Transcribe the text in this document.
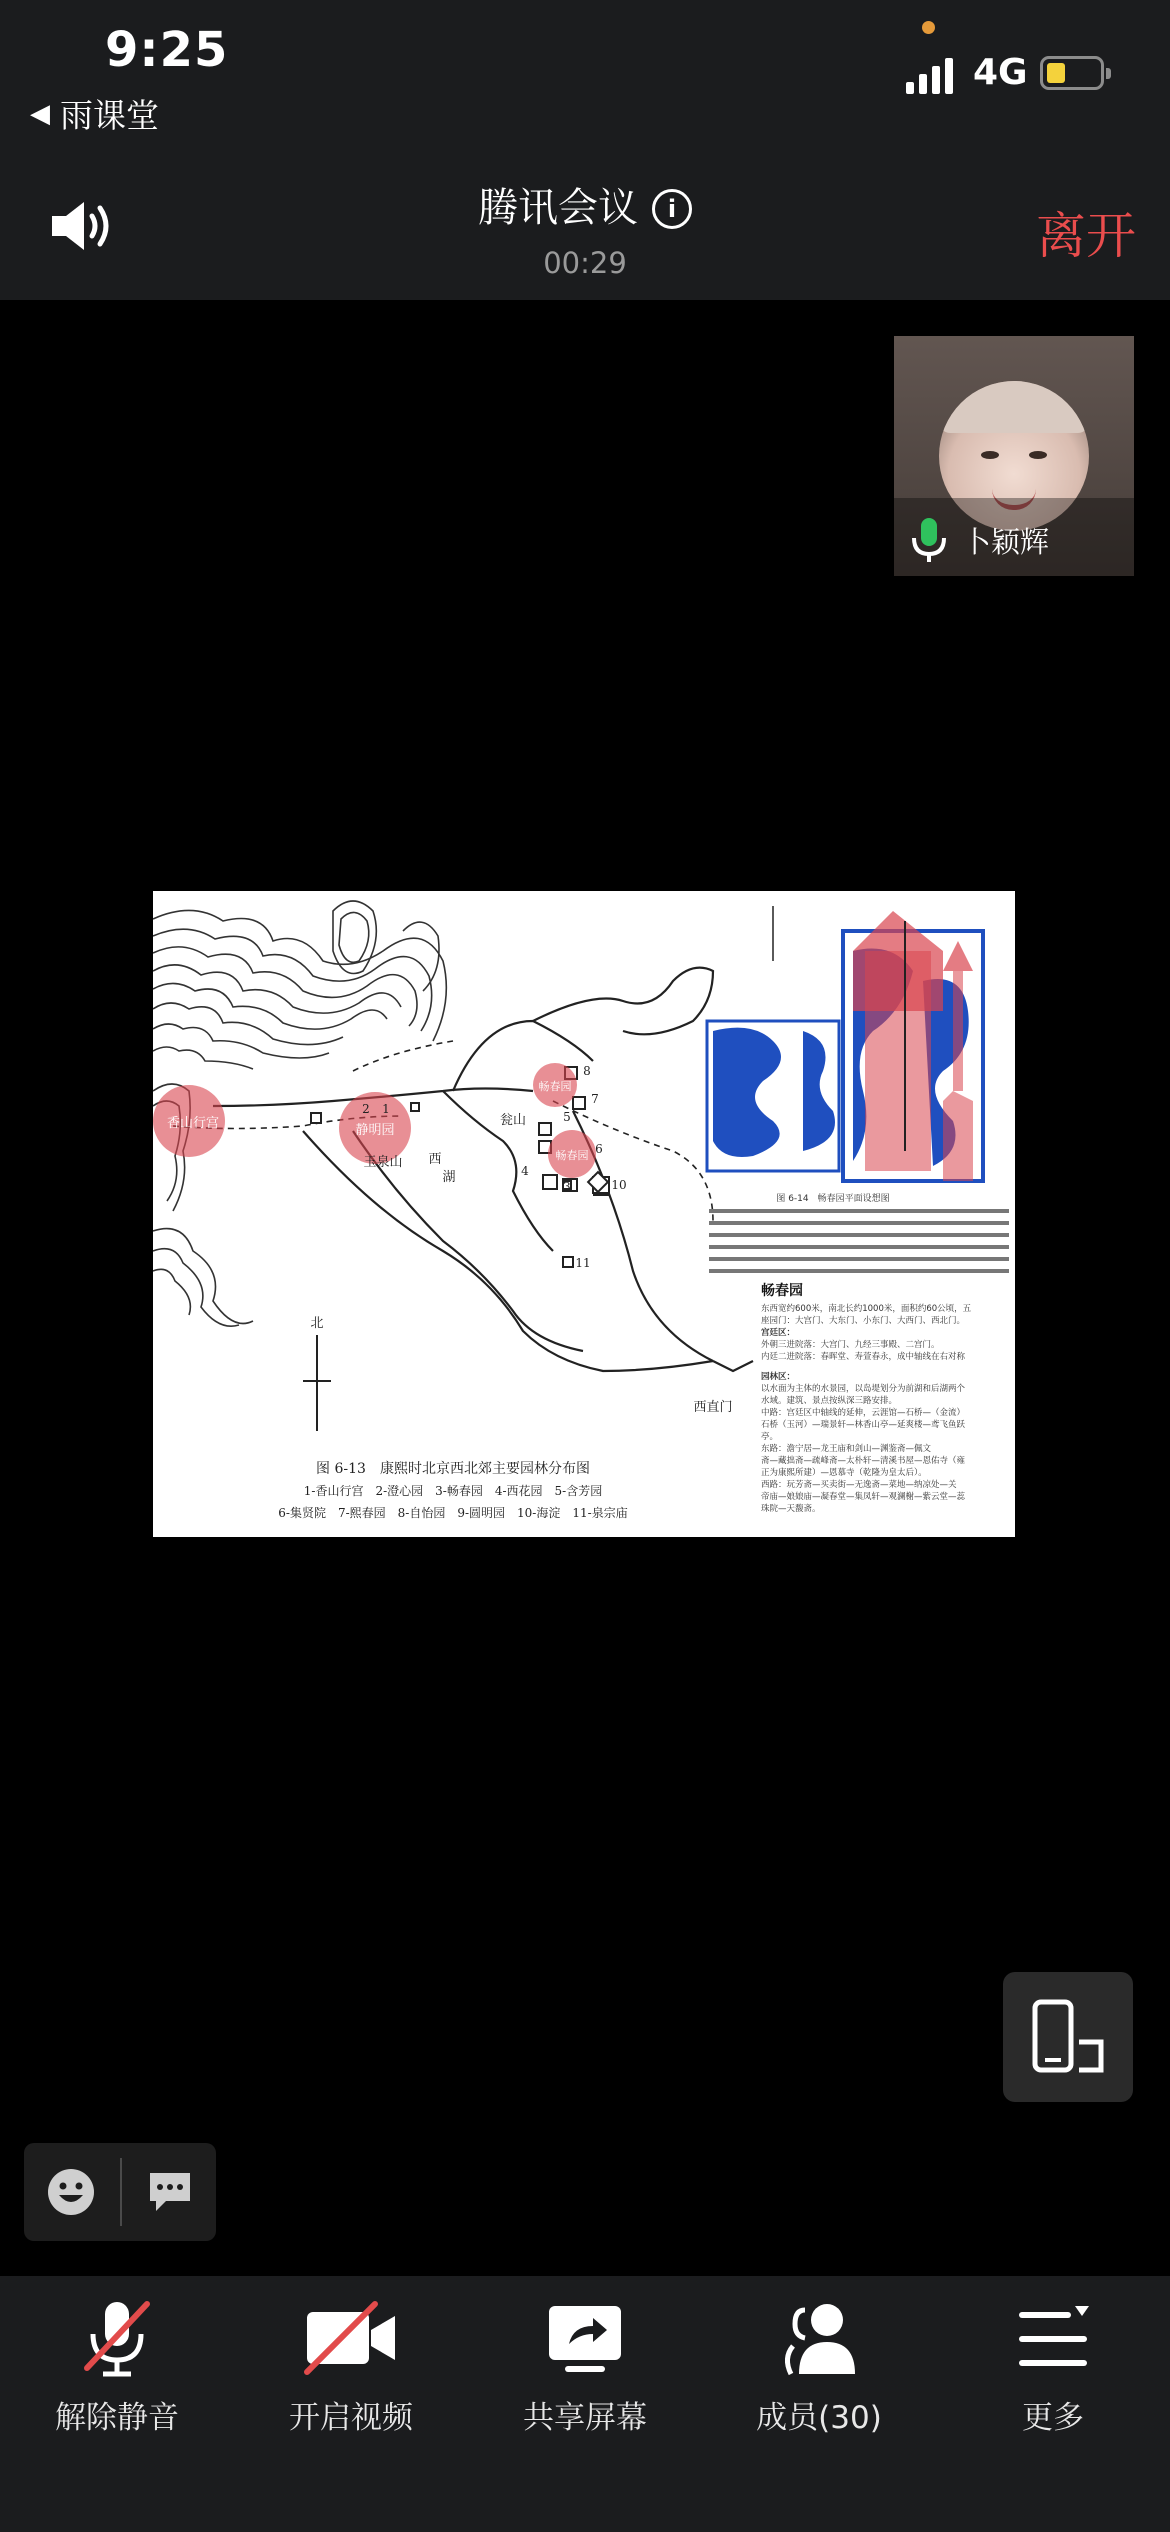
9:25
◀ 雨课堂
4G
腾讯会议 i
00:29	离开
卜颖辉
香山行宫	静明园
畅春园
畅春园
玉泉山
瓮山
西
湖
西直门
北
2 1
3
4
5
6
7
8
10
11
图 6-13　康熙时北京西北郊主要园林分布图
1-香山行宫　2-澄心园　3-畅春园　4-西花园　5-含芳园
6-集贤院　7-熙春园　8-自怡园　9-圆明园　10-海淀　11-泉宗庙
图 6-14　畅春园平面设想图
畅春园
东西宽约600米，南北长约1000米，面积约60公顷，五
座园门：大宫门、大东门、小东门、大西门、西北门。
宫廷区：
外朝三进院落：大宫门、九经三事殿、二宫门。
内廷二进院落：春晖堂、寿萱春永，成中轴线在右对称
园林区：
以水面为主体的水景园，以岛堤划分为前湖和后湖两个
水域。建筑、景点按纵深三路安排。
中路：宫廷区中轴线的延伸，云涯馆—石桥—（金流）
石桥（玉河）—瑞景轩—林香山亭—延爽楼—鸢飞鱼跃
亭。
东路：澹宁居—龙王庙和剑山—渊鉴斋—佩文
斋—藏拙斋—疏峰斋—太朴轩—清溪书屋—恩佑寺（雍
正为康熙所建）—恩慕寺（乾隆为皇太后）。
西路：玩芳斋—买卖街—无逸斋—菜地—纳凉处—关
帝庙—娘娘庙—凝春堂—集凤轩—观澜榭—紫云堂—蕊
珠院—天馥斋。
解除静音	开启视频	共享屏幕	成员(30)	更多
